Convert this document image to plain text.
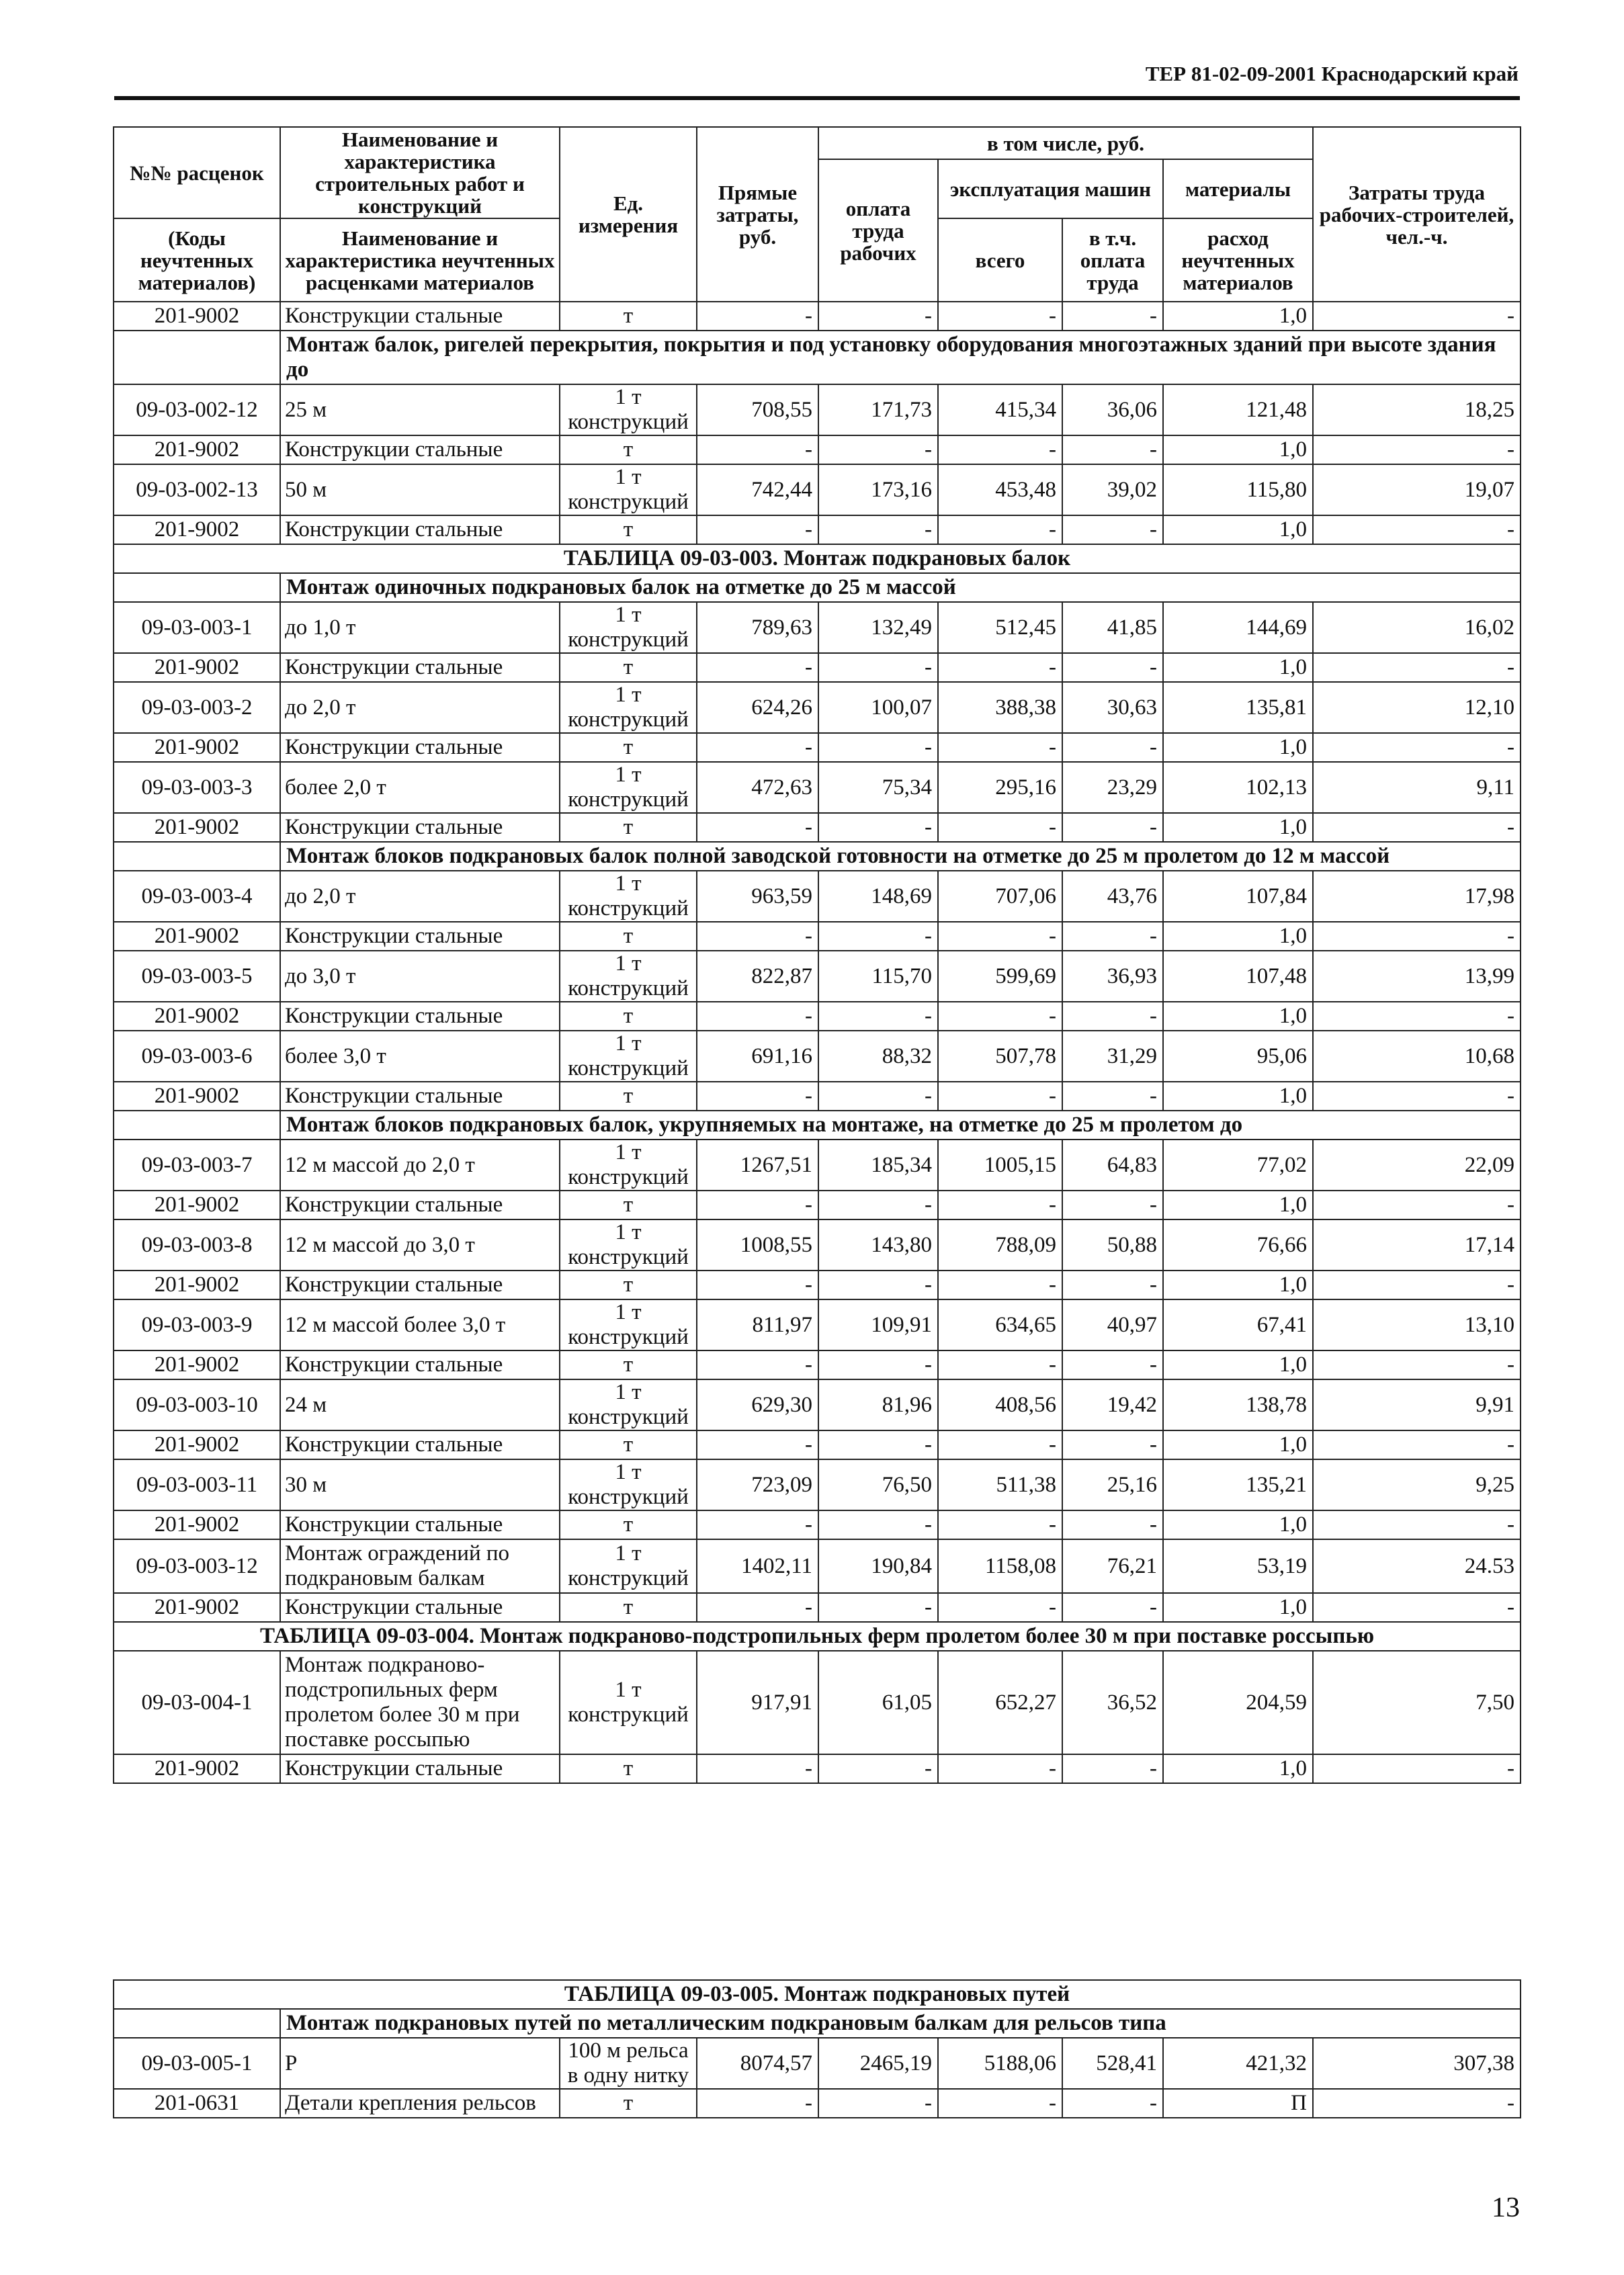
ТЕР 81-02-09-2001 Краснодарский край
№№ расценок	Наименование и характеристика строительных работ и конструкций	Ед. измерения	Прямые затраты, руб.	в том числе, руб.				Затраты труда рабочих-строителей, чел.-ч.
				оплата труда рабочих	эксплуатация машин		материалы	

(Коды неучтенных материалов)	Наименование и характеристика неучтенных расценками материалов				всего	в т.ч. оплата труда	расход неучтенных материалов	

201-9002	Конструкции стальные	т	-	-	-	-	1,0	-
	Монтаж балок, ригелей перекрытия, покрытия и под установку оборудования многоэтажных зданий при высоте здания до							
09-03-002-12	25 м	1 т конструкций	708,55	171,73	415,34	36,06	121,48	18,25
201-9002	Конструкции стальные	т	-	-	-	-	1,0	-
09-03-002-13	50 м	1 т конструкций	742,44	173,16	453,48	39,02	115,80	19,07
201-9002	Конструкции стальные	т	-	-	-	-	1,0	-
ТАБЛИЦА 09-03-003. Монтаж подкрановых балок								
	Монтаж одиночных подкрановых балок на отметке до 25 м массой							
09-03-003-1	до 1,0 т	1 т конструкций	789,63	132,49	512,45	41,85	144,69	16,02
201-9002	Конструкции стальные	т	-	-	-	-	1,0	-
09-03-003-2	до 2,0 т	1 т конструкций	624,26	100,07	388,38	30,63	135,81	12,10
201-9002	Конструкции стальные	т	-	-	-	-	1,0	-
09-03-003-3	более 2,0 т	1 т конструкций	472,63	75,34	295,16	23,29	102,13	9,11
201-9002	Конструкции стальные	т	-	-	-	-	1,0	-
	Монтаж блоков подкрановых балок полной заводской готовности на отметке до 25 м пролетом до 12 м массой							
09-03-003-4	до 2,0 т	1 т конструкций	963,59	148,69	707,06	43,76	107,84	17,98
201-9002	Конструкции стальные	т	-	-	-	-	1,0	-
09-03-003-5	до 3,0 т	1 т конструкций	822,87	115,70	599,69	36,93	107,48	13,99
201-9002	Конструкции стальные	т	-	-	-	-	1,0	-
09-03-003-6	более 3,0 т	1 т конструкций	691,16	88,32	507,78	31,29	95,06	10,68
201-9002	Конструкции стальные	т	-	-	-	-	1,0	-
	Монтаж блоков подкрановых балок, укрупняемых на монтаже, на отметке до 25 м пролетом до							
09-03-003-7	12 м массой до 2,0 т	1 т конструкций	1267,51	185,34	1005,15	64,83	77,02	22,09
201-9002	Конструкции стальные	т	-	-	-	-	1,0	-
09-03-003-8	12 м массой до 3,0 т	1 т конструкций	1008,55	143,80	788,09	50,88	76,66	17,14
201-9002	Конструкции стальные	т	-	-	-	-	1,0	-
09-03-003-9	12 м массой более 3,0 т	1 т конструкций	811,97	109,91	634,65	40,97	67,41	13,10
201-9002	Конструкции стальные	т	-	-	-	-	1,0	-
09-03-003-10	24 м	1 т конструкций	629,30	81,96	408,56	19,42	138,78	9,91
201-9002	Конструкции стальные	т	-	-	-	-	1,0	-
09-03-003-11	30 м	1 т конструкций	723,09	76,50	511,38	25,16	135,21	9,25
201-9002	Конструкции стальные	т	-	-	-	-	1,0	-
09-03-003-12	Монтаж ограждений по подкрановым балкам	1 т конструкций	1402,11	190,84	1158,08	76,21	53,19	24.53
201-9002	Конструкции стальные	т	-	-	-	-	1,0	-
ТАБЛИЦА 09-03-004. Монтаж подкраново-подстропильных ферм пролетом более 30 м при поставке россыпью								
09-03-004-1	Монтаж подкраново-подстропильных ферм пролетом более 30 м при поставке россыпью	1 т конструкций	917,91	61,05	652,27	36,52	204,59	7,50
201-9002	Конструкции стальные	т	-	-	-	-	1,0	-
ТАБЛИЦА 09-03-005. Монтаж подкрановых путей								
	Монтаж подкрановых путей по металлическим подкрановым балкам для рельсов типа							
09-03-005-1	Р	100 м рельса в одну нитку	8074,57	2465,19	5188,06	528,41	421,32	307,38
201-0631	Детали крепления рельсов	т	-	-	-	-	П	-
13
